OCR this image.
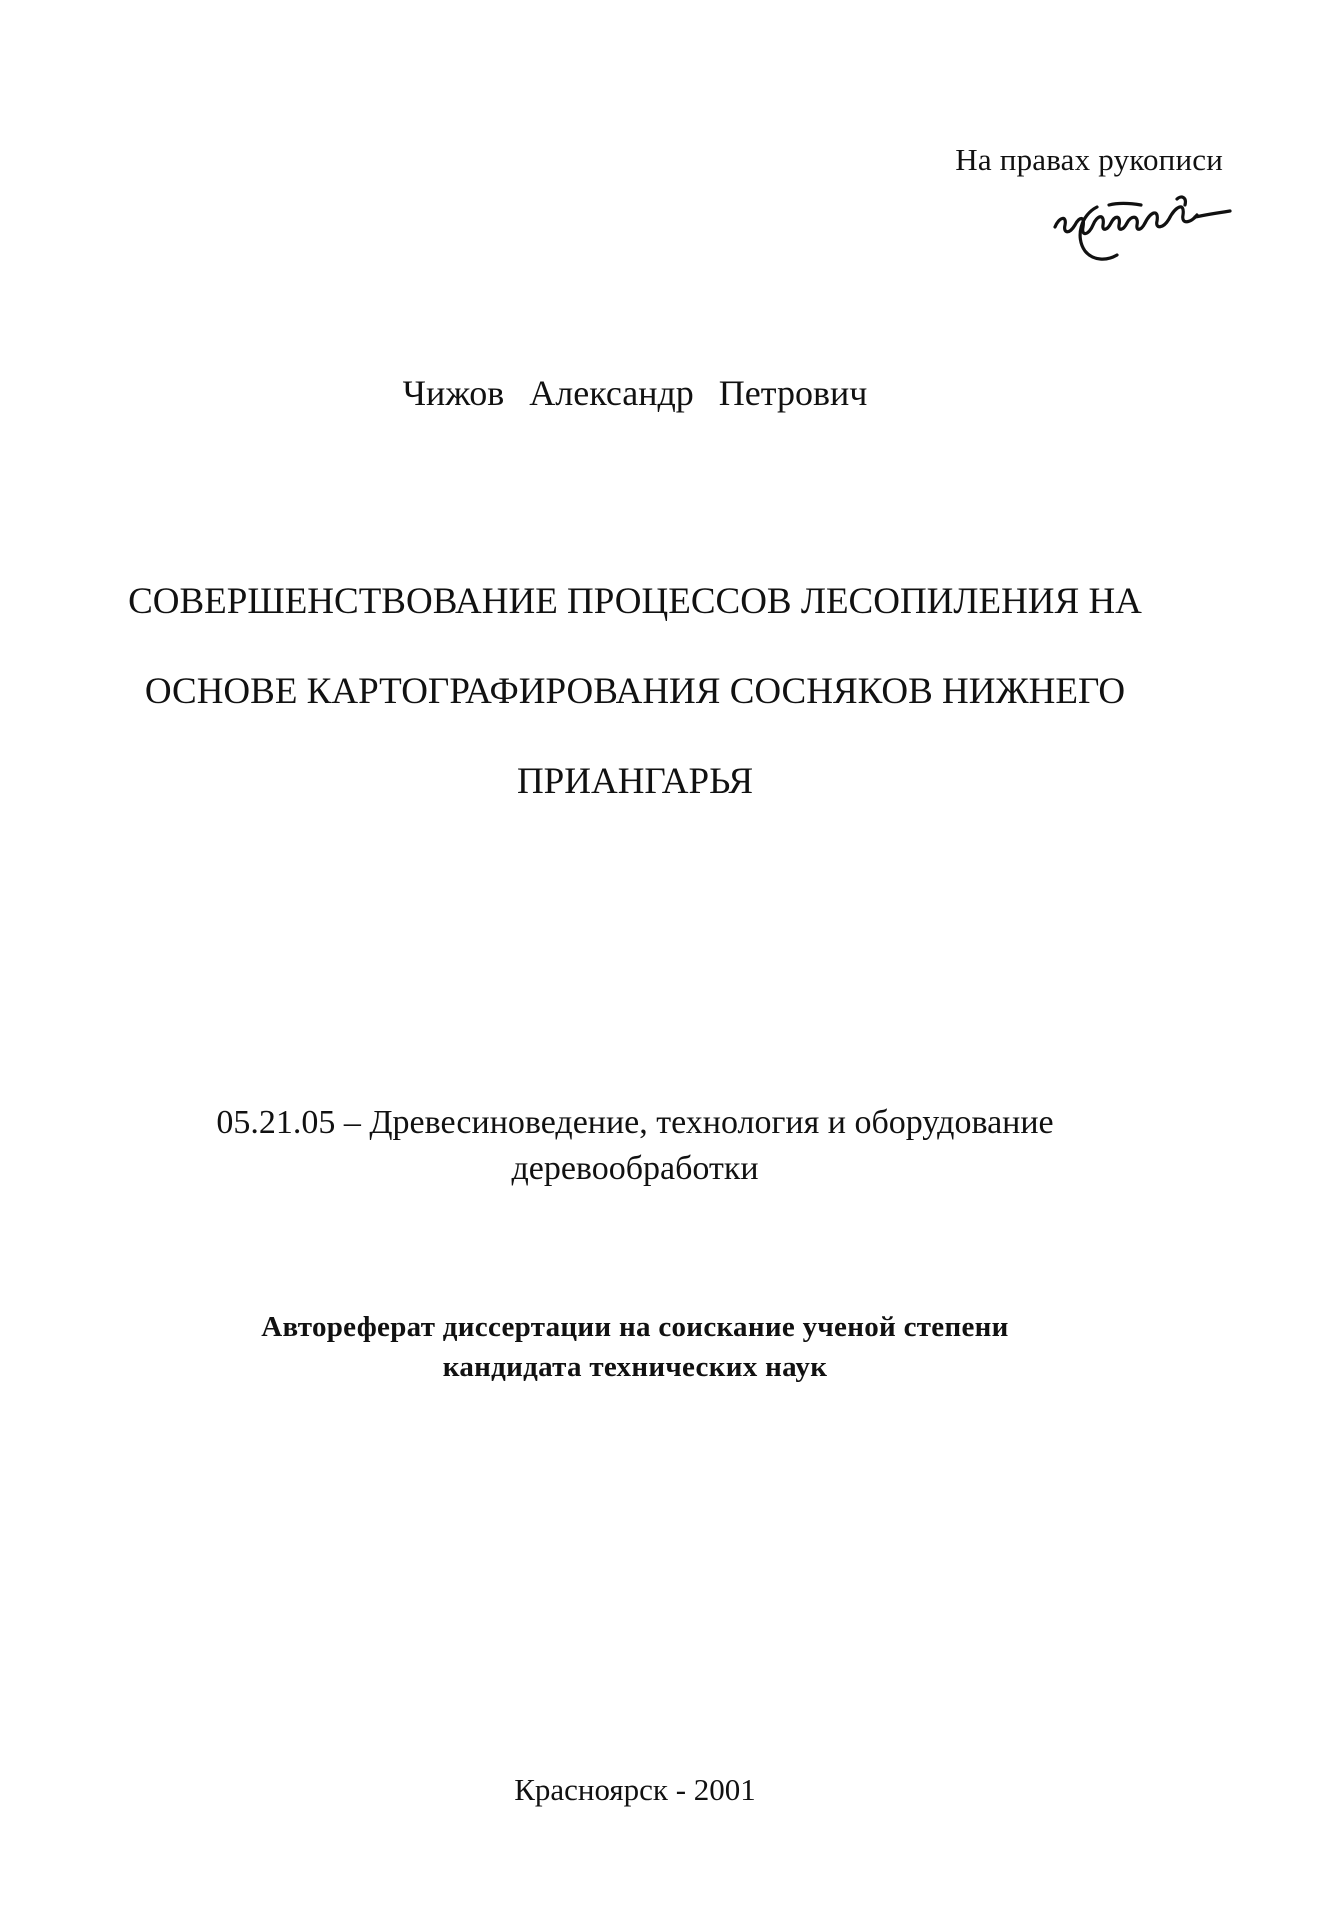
На правах рукописи
Чижов Александр Петрович
СОВЕРШЕНСТВОВАНИЕ ПРОЦЕССОВ ЛЕСОПИЛЕНИЯ НА
ОСНОВЕ КАРТОГРАФИРОВАНИЯ СОСНЯКОВ НИЖНЕГО
ПРИАНГАРЬЯ
05.21.05 – Древесиноведение, технология и оборудование
деревообработки
Автореферат диссертации на соискание ученой степени
кандидата технических наук
Красноярск - 2001
